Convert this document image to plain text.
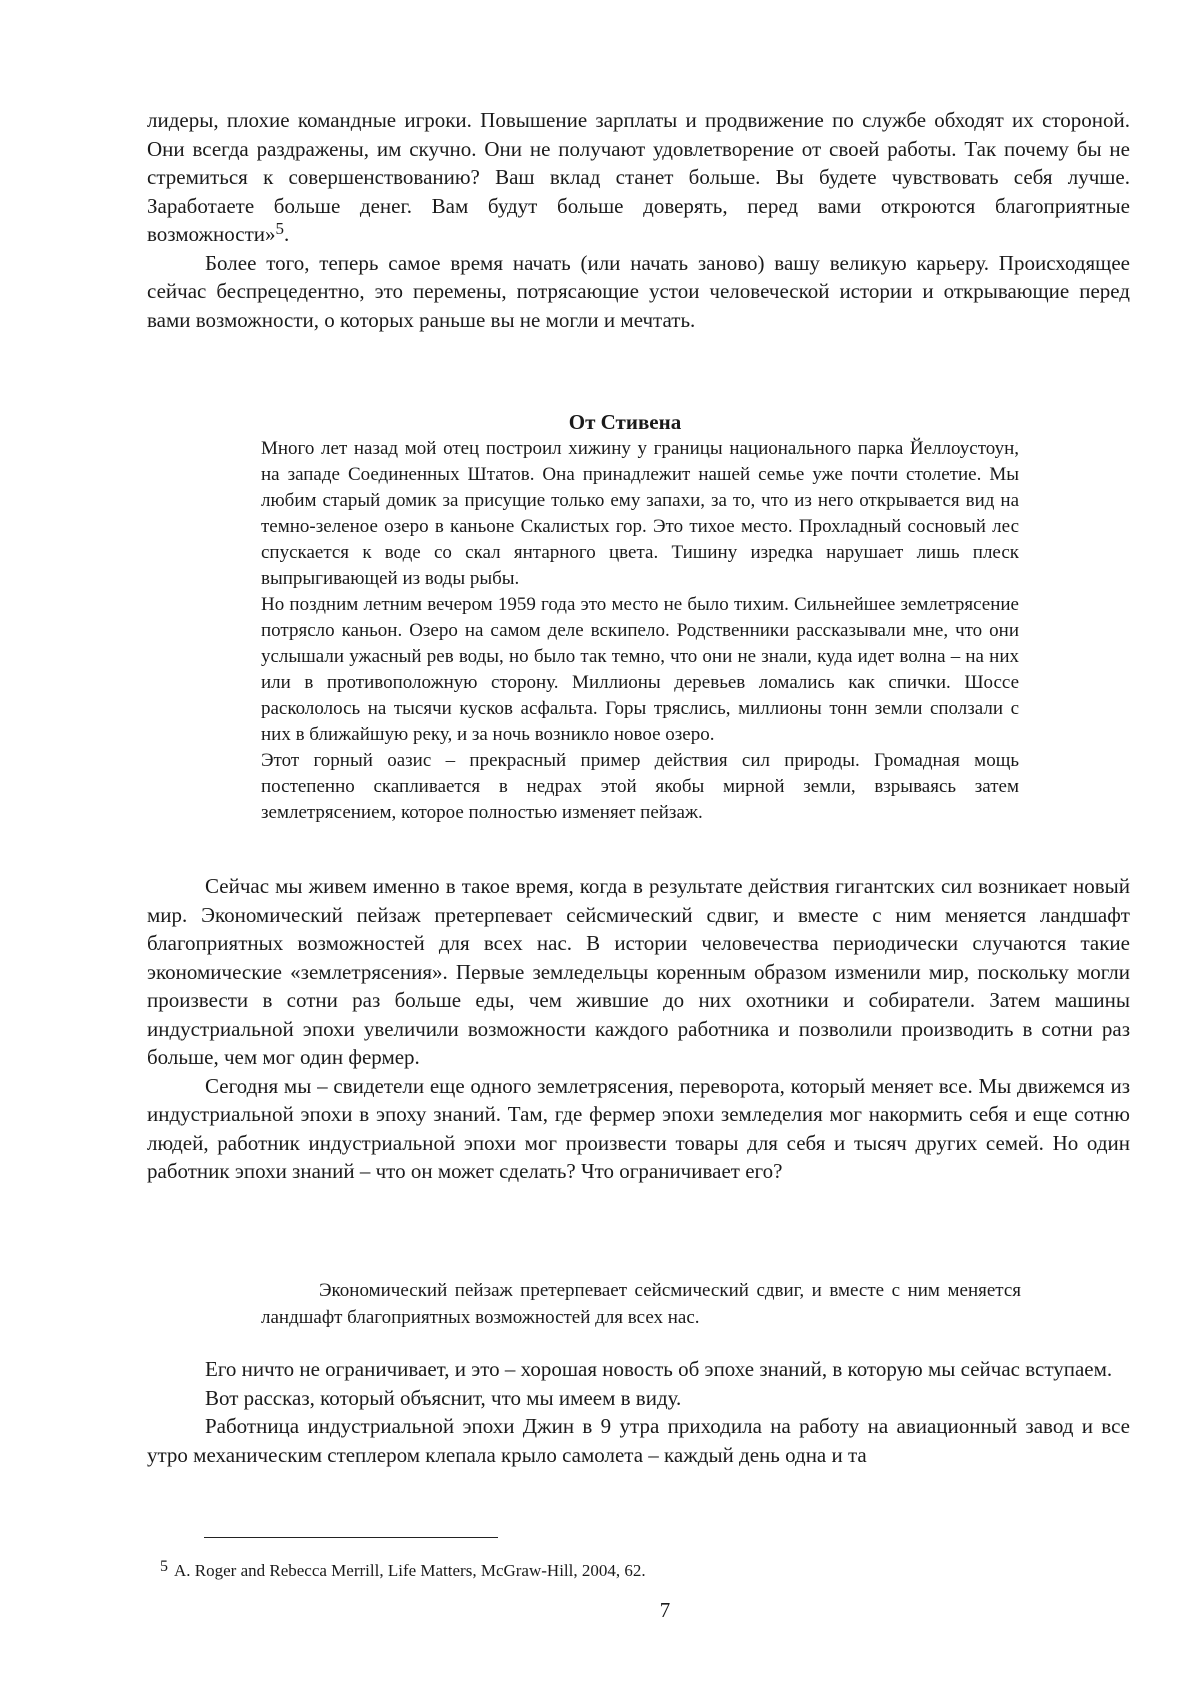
лидеры, плохие командные игроки. Повышение зарплаты и продвижение по службе обходят их стороной. Они всегда раздражены, им скучно. Они не получают удовлетворение от своей работы. Так почему бы не стремиться к совершенствованию? Ваш вклад станет больше. Вы будете чувствовать себя лучше. Заработаете больше денег. Вам будут больше доверять, перед вами откроются благоприятные возможности»$^5$.

Более того, теперь самое время начать (или начать заново) вашу великую карьеру. Происходящее сейчас беспрецедентно, это перемены, потрясающие устои человеческой истории и открывающие перед вами возможности, о которых раньше вы не могли и мечтать.

От Стивена

Много лет назад мой отец построил хижину у границы национального парка Йеллоустоун, на западе Соединенных Штатов. Она принадлежит нашей семье уже почти столетие. Мы любим старый домик за присущие только ему запахи, за то, что из него открывается вид на темно-зеленое озеро в каньоне Скалистых гор. Это тихое место. Прохладный сосновый лес спускается к воде со скал янтарного цвета. Тишину изредка нарушает лишь плеск выпрыгивающей из воды рыбы.

Но поздним летним вечером 1959 года это место не было тихим. Сильнейшее землетрясение потрясло каньон. Озеро на самом деле вскипело. Родственники рассказывали мне, что они услышали ужасный рев воды, но было так темно, что они не знали, куда идет волна – на них или в противоположную сторону. Миллионы деревьев ломались как спички. Шоссе раскололось на тысячи кусков асфальта. Горы тряслись, миллионы тонн земли сползали с них в ближайшую реку, и за ночь возникло новое озеро.

Этот горный оазис – прекрасный пример действия сил природы. Громадная мощь постепенно скапливается в недрах этой якобы мирной земли, взрываясь затем землетрясением, которое полностью изменяет пейзаж.

Сейчас мы живем именно в такое время, когда в результате действия гигантских сил возникает новый мир. Экономический пейзаж претерпевает сейсмический сдвиг, и вместе с ним меняется ландшафт благоприятных возможностей для всех нас. В истории человечества периодически случаются такие экономические «землетрясения». Первые земледельцы коренным образом изменили мир, поскольку могли произвести в сотни раз больше еды, чем жившие до них охотники и собиратели. Затем машины индустриальной эпохи увеличили возможности каждого работника и позволили производить в сотни раз больше, чем мог один фермер.

Сегодня мы – свидетели еще одного землетрясения, переворота, который меняет все. Мы движемся из индустриальной эпохи в эпоху знаний. Там, где фермер эпохи земледелия мог накормить себя и еще сотню людей, работник индустриальной эпохи мог произвести товары для себя и тысяч других семей. Но один работник эпохи знаний – что он может сделать? Что ограничивает его?

Экономический пейзаж претерпевает сейсмический сдвиг, и вместе с ним меняется ландшафт благоприятных возможностей для всех нас.

Его ничто не ограничивает, и это – хорошая новость об эпохе знаний, в которую мы сейчас вступаем.

Вот рассказ, который объяснит, что мы имеем в виду.

Работница индустриальной эпохи Джин в 9 утра приходила на работу на авиационный завод и все утро механическим степлером клепала крыло самолета – каждый день одна и та

5 A. Roger and Rebecca Merrill, Life Matters, McGraw-Hill, 2004, 62.
7
